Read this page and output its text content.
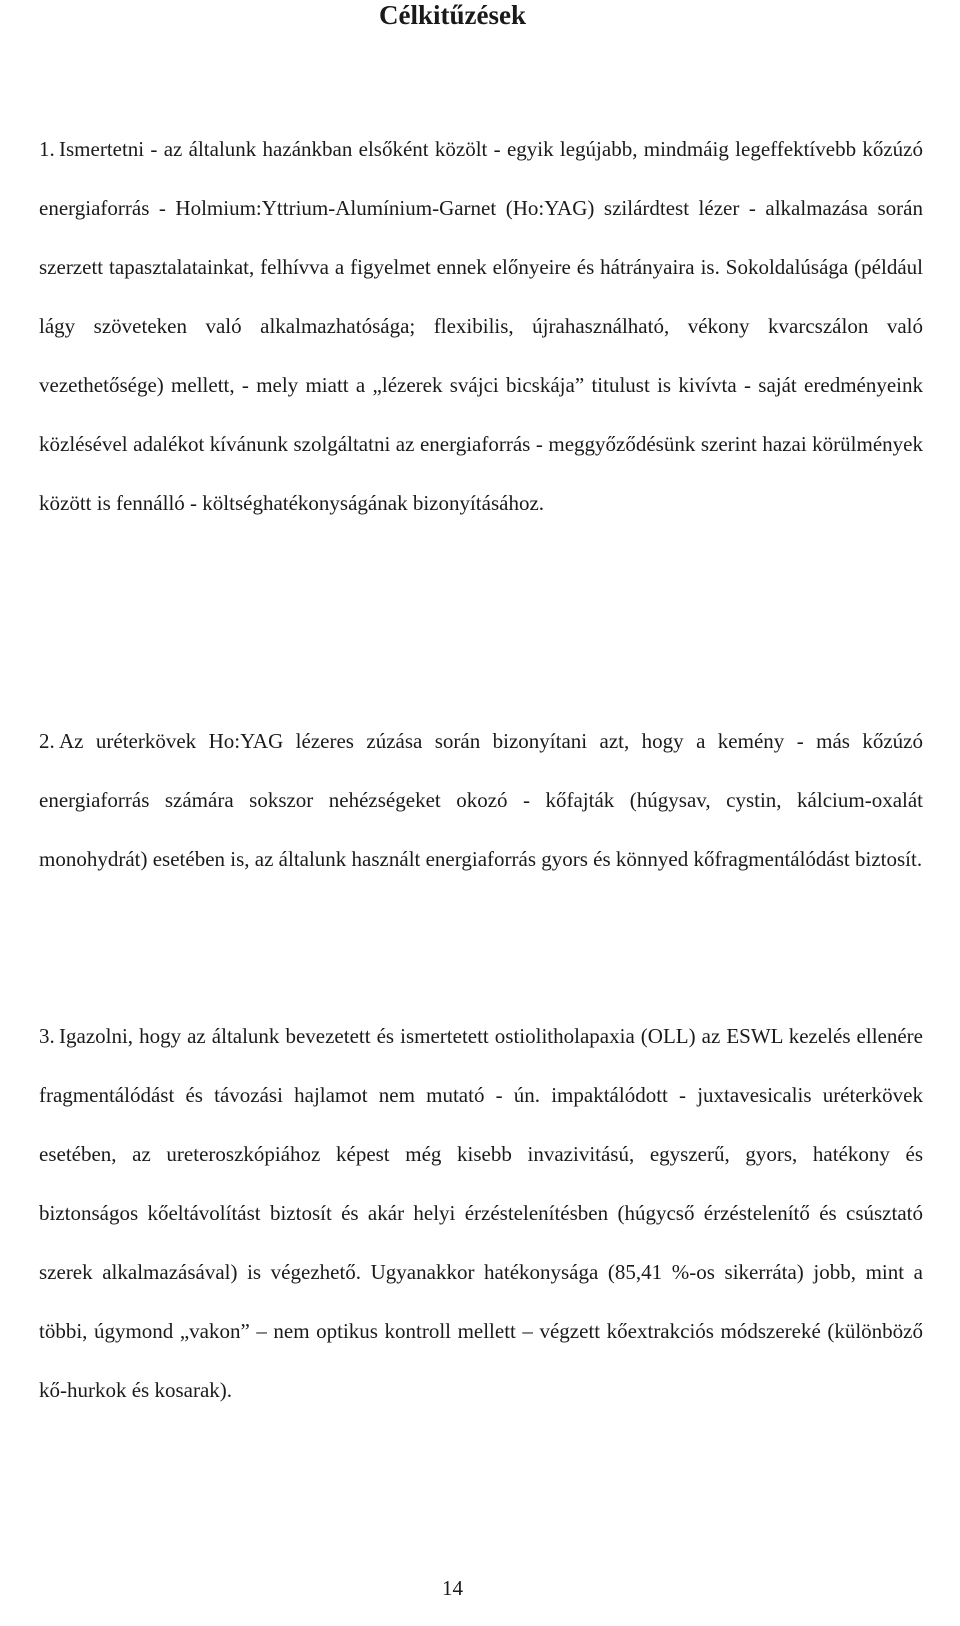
Célkitűzések
1. Ismertetni - az általunk hazánkban elsőként közölt - egyik legújabb, mindmáig legeffektívebb kőzúzó energiaforrás - Holmium:Yttrium-Alumínium-Garnet (Ho:YAG) szilárdtest lézer - alkalmazása során szerzett tapasztalatainkat, felhívva a figyelmet ennek előnyeire és hátrányaira is. Sokoldalúsága (például lágy szöveteken való alkalmazhatósága; flexibilis, újrahasználható, vékony kvarcszálon való vezethetősége) mellett, - mely miatt a „lézerek svájci bicskája” titulust is kivívta - saját eredményeink közlésével adalékot kívánunk szolgáltatni az energiaforrás - meggyőződésünk szerint hazai körülmények között is fennálló - költséghatékonyságának bizonyításához.

2. Az uréterkövek Ho:YAG lézeres zúzása során bizonyítani azt, hogy a kemény - más kőzúzó energiaforrás számára sokszor nehézségeket okozó - kőfajták (húgysav, cystin, kálcium-oxalát monohydrát) esetében is, az általunk használt energiaforrás gyors és könnyed kőfragmentálódást biztosít.

3. Igazolni, hogy az általunk bevezetett és ismertetett ostiolitholapaxia (OLL) az ESWL kezelés ellenére fragmentálódást és távozási hajlamot nem mutató - ún. impaktálódott - juxtavesicalis uréterkövek esetében, az ureteroszkópiához képest még kisebb invazivitású, egyszerű, gyors, hatékony és biztonságos kőeltávolítást biztosít és akár helyi érzéstelenítésben (húgycső érzéstelenítő és csúsztató szerek alkalmazásával) is végezhető. Ugyanakkor hatékonysága (85,41 %-os sikerráta) jobb, mint a többi, úgymond „vakon” – nem optikus kontroll mellett – végzett kőextrakciós módszereké (különböző kő-hurkok és kosarak).

14
